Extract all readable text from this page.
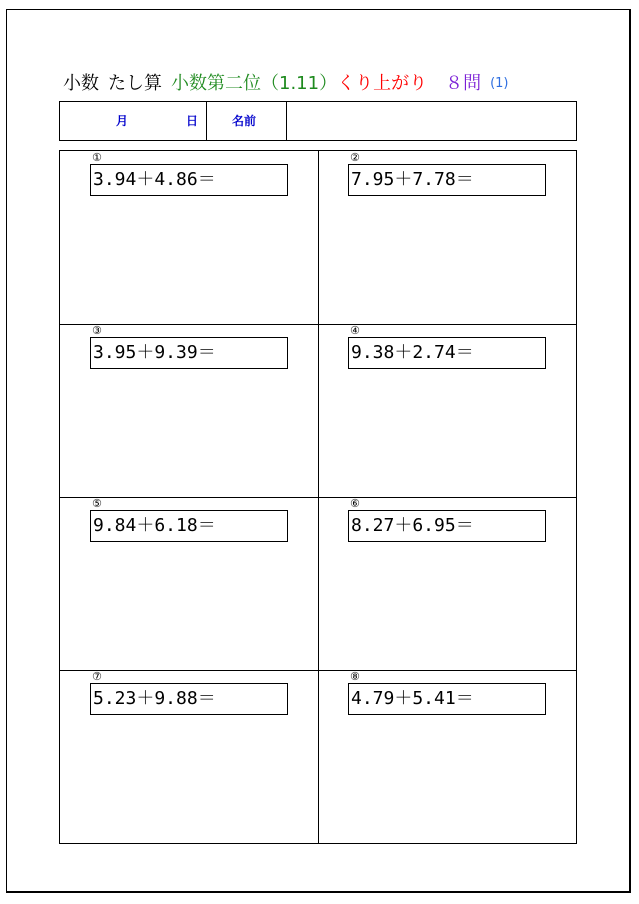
小数 たし算 小数第二位（1.11）くり上がり ８問 (1)
月	日	名前
①
3.94＋4.86＝
②
7.95＋7.78＝
③
3.95＋9.39＝
④
9.38＋2.74＝
⑤
9.84＋6.18＝
⑥
8.27＋6.95＝
⑦
5.23＋9.88＝
⑧
4.79＋5.41＝
